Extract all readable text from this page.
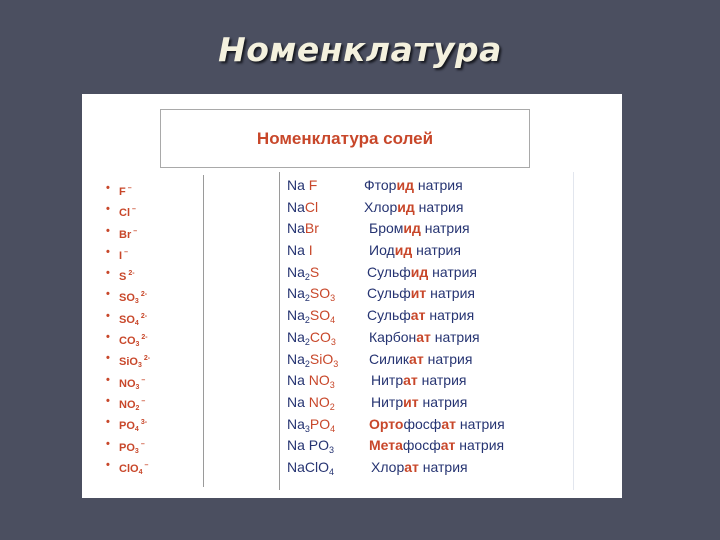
Номенклатура
Номенклатура солей
• F –
• Cl –
• Br –
• I –
• S $^{2-}$
• $SO_3^{2-}$
• $SO_4^{2-}$
• $CO_3^{2-}$
• SiO$_3^{2-}$
• $NO_3^-$
• $NO_2^-$
• $PO_4^{3-}$
• $PO_3^-$
• ClO$_4$–
Na F	Фторид натрия
NaCl	Хлорид натрия
NaBr	Бромид натрия
Na I	Иодид натрия
$Na_2S$	Сульфид натрия
$Na_2SO_3$ Сульфит натрия
$Na_2SO_4$ Сульфат натрия
$Na_2CO_3$ Карбонат натрия
$Na_2SiO_3$ Силикат натрия
Na $NO_3$	Нитрат натрия
Na $NO_2$	Нитрит натрия
$Na_3PO_4$ Ортофосфат натрия
Na $PO_3$ Метафосфат натрия
NaClO$_4$	Хлорат натрия
